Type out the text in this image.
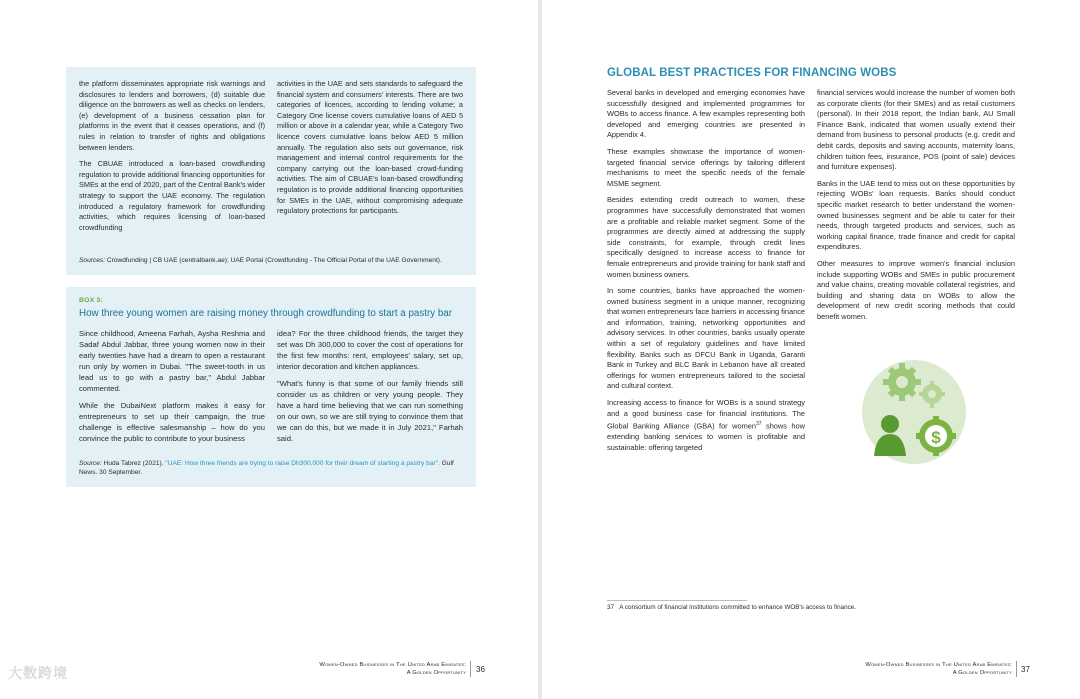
the platform disseminates appropriate risk warnings and disclosures to lenders and borrowers, (d) suitable due diligence on the borrowers as well as checks on lenders, (e) development of a business cessation plan for platforms in the event that it ceases operations, and (f) rules in relation to transfer of rights and obligations between lenders.

The CBUAE introduced a loan-based crowdfunding regulation to provide additional financing opportunities for SMEs at the end of 2020, part of the Central Bank's wider strategy to support the UAE economy. The regulation introduced a regulatory framework for crowdfunding activities, which requires licensing of loan-based crowdfunding

activities in the UAE and sets standards to safeguard the financial system and consumers' interests. There are two categories of licences, according to lending volume; a Category One license covers cumulative loans of AED 5 million or above in a calendar year, while a Category Two licence covers cumulative loans below AED 5 million annually. The regulation also sets out governance, risk management and internal control requirements for the company carrying out the loan-based crowd-funding activities. The aim of CBUAE's loan-based crowdfunding regulation is to provide additional financing opportunities for SMEs in the UAE, without compromising adequate regulatory protections for participants.

Sources: Crowdfunding | CB UAE (centralbank.ae); UAE Portal (Crowdfunding - The Official Portal of the UAE Government).
BOX 3:
How three young women are raising money through crowdfunding to start a pastry bar

Since childhood, Ameena Farhah, Aysha Reshma and Sadaf Abdul Jabbar, three young women now in their early twenties have had a dream to open a restaurant run only by women in Dubai. "The sweet-tooth in us lead us to go with a pastry bar," Abdul Jabbar commented.

While the DubaiNext platform makes it easy for entrepreneurs to set up their campaign, the true challenge is effective salesmanship – how do you convince the public to contribute to your business

idea? For the three childhood friends, the target they set was Dh 300,000 to cover the cost of operations for the first few months: rent, employees' salary, set up, interior decoration and kitchen appliances.

"What's funny is that some of our family friends still consider us as children or very young people. They have a hard time believing that we can run something on our own, so we are still trying to convince them that we can do this, but we made it in July 2021," Farhah said.

Source: Huda Tabrez (2021). "UAE: How three friends are trying to raise Dh300,000 for their dream of starting a pastry bar". Gulf News. 30 September.
Women-Owned Businesses in The United Arab Emirates:
A Golden Opportunity 36
大数跨境
GLOBAL BEST PRACTICES FOR FINANCING WOBS

Several banks in developed and emerging economies have successfully designed and implemented programmes for WOBs to access finance. A few examples representing both developed and emerging countries are presented in Appendix 4.

These examples showcase the importance of women-targeted financial service offerings by tailoring different mechanisms to meet the specific needs of the female MSME segment.

Besides extending credit outreach to women, these programmes have successfully demonstrated that women are a profitable and reliable market segment. Some of the programmes are directly aimed at addressing the supply side constraints, for example, through credit lines specifically designed to increase access to finance for female entrepreneurs and provide training for bank staff and women business owners.

In some countries, banks have approached the women-owned business segment in a unique manner, recognizing that women entrepreneurs face barriers in accessing finance and information, training, networking opportunities and advisory services. In other countries, banks usually operate within a set of regulatory guidelines and have limited flexibility. Banks such as DFCU Bank in Uganda, Garanti Bank in Turkey and BLC Bank in Lebanon have all created offerings for women entrepreneurs tailored to the societal and cultural context.

Increasing access to finance for WOBs is a sound strategy and a good business case for financial institutions. The Global Banking Alliance (GBA) for women$^{37}$ shows how extending banking services to women is profitable and sustainable: offering targeted

financial services would increase the number of women both as corporate clients (for their SMEs) and as retail customers (personal). In their 2018 report, the Indian bank, AU Small Finance Bank, indicated that women usually extend their demand from business to personal products (e.g. credit and debit cards, deposits and saving accounts, maternity loans, children tuition fees, insurance, POS (point of sale) devices and furniture expenses).

Banks in the UAE tend to miss out on these opportunities by rejecting WOBs' loan requests. Banks should conduct specific market research to better understand the women-owned businesses segment and be able to cater for their needs, through targeted products and services, such as working capital finance, trade finance and credit for capital expenditures.

Other measures to improve women's financial inclusion include supporting WOBs and SMEs in public procurement and value chains, creating movable collateral registries, and building and sharing data on WOBs to allow the development of new credit scoring methods that could benefit women.

$
37 A consortium of financial institutions committed to enhance WOB's access to finance.
Women-Owned Businesses in The United Arab Emirates:
A Golden Opportunity 37
